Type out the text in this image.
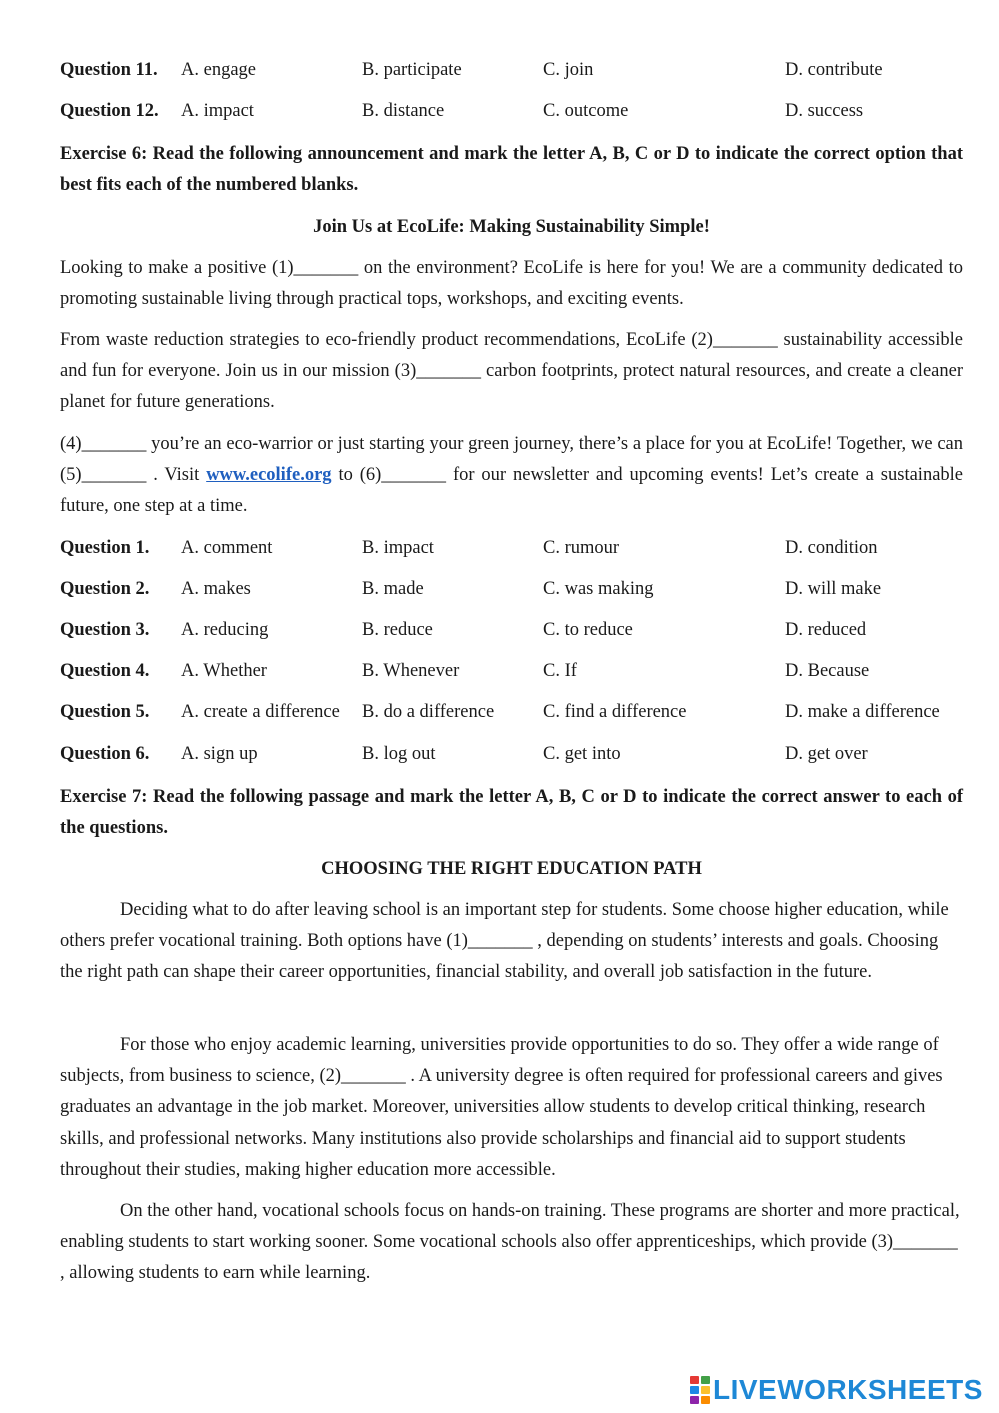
Question 11. A. engage	B. participate	C. join	D. contribute
Question 12. A. impact	B. distance	C. outcome	D. success
Exercise 6: Read the following announcement and mark the letter A, B, C or D to indicate the correct option that best fits each of the numbered blanks.
Join Us at EcoLife: Making Sustainability Simple!
Looking to make a positive (1)_______ on the environment? EcoLife is here for you! We are a community dedicated to promoting sustainable living through practical tops, workshops, and exciting events.
From waste reduction strategies to eco-friendly product recommendations, EcoLife (2)_______ sustainability accessible and fun for everyone. Join us in our mission (3)_______ carbon footprints, protect natural resources, and create a cleaner planet for future generations.
(4)_______ you’re an eco-warrior or just starting your green journey, there’s a place for you at EcoLife! Together, we can (5)_______ . Visit www.ecolife.org to (6)_______ for our newsletter and upcoming events! Let’s create a sustainable future, one step at a time.
Question 1. A. comment	B. impact	C. rumour	D. condition
Question 2. A. makes	B. made	C. was making	D. will make
Question 3. A. reducing	B. reduce	C. to reduce	D. reduced
Question 4. A. Whether	B. Whenever	C. If	D. Because
Question 5. A. create a difference B. do a difference	C. find a difference	D. make a difference
Question 6. A. sign up	B. log out	C. get into	D. get over
Exercise 7: Read the following passage and mark the letter A, B, C or D to indicate the correct answer to each of the questions.
CHOOSING THE RIGHT EDUCATION PATH
Deciding what to do after leaving school is an important step for students. Some choose higher education, while others prefer vocational training. Both options have (1)_______ , depending on students’ interests and goals. Choosing the right path can shape their career opportunities, financial stability, and overall job satisfaction in the future.
For those who enjoy academic learning, universities provide opportunities to do so. They offer a wide range of subjects, from business to science, (2)_______ . A university degree is often required for professional careers and gives graduates an advantage in the job market. Moreover, universities allow students to develop critical thinking, research skills, and professional networks. Many institutions also provide scholarships and financial aid to support students throughout their studies, making higher education more accessible.
On the other hand, vocational schools focus on hands-on training. These programs are shorter and more practical, enabling students to start working sooner. Some vocational schools also offer apprenticeships, which provide (3)_______ , allowing students to earn while learning.
LIVEWORKSHEETS
